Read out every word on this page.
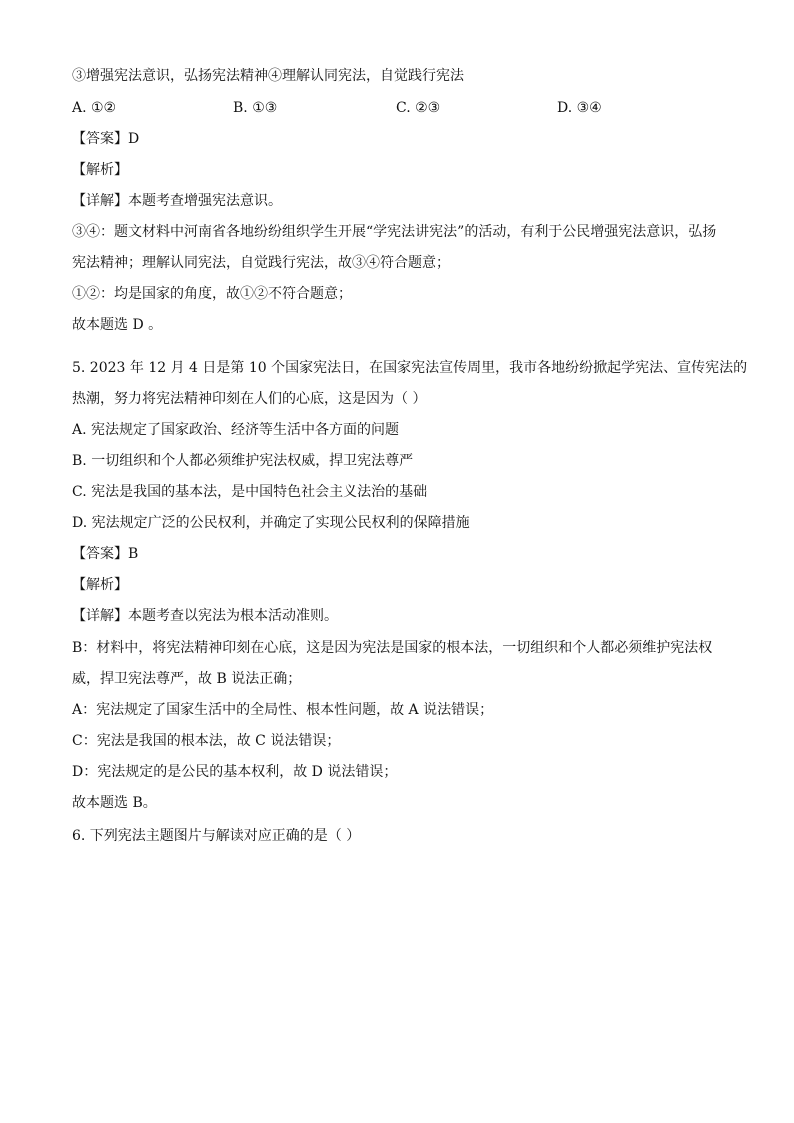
③增强宪法意识，弘扬宪法精神④理解认同宪法，自觉践行宪法
A. ①②	B. ①③	C. ②③	D. ③④
【答案】D
【解析】
【详解】本题考查增强宪法意识。
③④：题文材料中河南省各地纷纷组织学生开展“学宪法讲宪法”的活动，有利于公民增强宪法意识，弘扬
宪法精神；理解认同宪法，自觉践行宪法，故③④符合题意；
①②：均是国家的角度，故①②不符合题意；
故本题选 D 。
5. 2023 年 12 月 4 日是第 10 个国家宪法日，在国家宪法宣传周里，我市各地纷纷掀起学宪法、宣传宪法的
热潮，努力将宪法精神印刻在人们的心底，这是因为（ ）
A. 宪法规定了国家政治、经济等生活中各方面的问题
B. 一切组织和个人都必须维护宪法权威，捍卫宪法尊严
C. 宪法是我国的基本法，是中国特色社会主义法治的基础
D. 宪法规定广泛的公民权利，并确定了实现公民权利的保障措施
【答案】B
【解析】
【详解】本题考查以宪法为根本活动准则。
B：材料中，将宪法精神印刻在心底，这是因为宪法是国家的根本法，一切组织和个人都必须维护宪法权
威，捍卫宪法尊严，故 B 说法正确；
A：宪法规定了国家生活中的全局性、根本性问题，故 A 说法错误；
C：宪法是我国的根本法，故 C 说法错误；
D：宪法规定的是公民的基本权利，故 D 说法错误；
故本题选 B。
6. 下列宪法主题图片与解读对应正确的是（ ）
